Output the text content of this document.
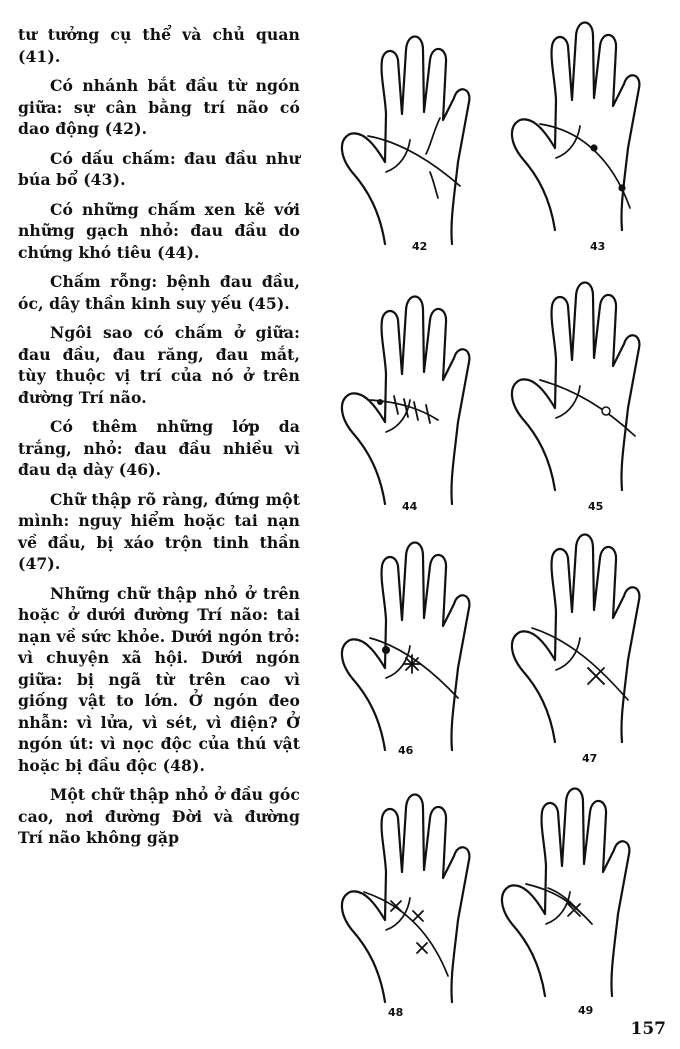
tư tưởng cụ thể và chủ quan (41).

Có nhánh bắt đầu từ ngón giữa: sự cân bằng trí não có dao động (42).

Có dấu chấm: đau đầu như búa bổ (43).

Có những chấm xen kẽ với những gạch nhỏ: đau đầu do chứng khó tiêu (44).

Chấm rỗng: bệnh đau đầu, óc, dây thần kinh suy yếu (45).

Ngôi sao có chấm ở giữa: đau đầu, đau răng, đau mắt, tùy thuộc vị trí của nó ở trên đường Trí não.

Có thêm những lớp da trắng, nhỏ: đau đầu nhiều vì đau dạ dày (46).

Chữ thập rõ ràng, đứng một mình: nguy hiểm hoặc tai nạn về đầu, bị xáo trộn tinh thần (47).

Những chữ thập nhỏ ở trên hoặc ở dưới đường Trí não: tai nạn về sức khỏe. Dưới ngón trỏ: vì chuyện xã hội. Dưới ngón giữa: bị ngã từ trên cao vì giống vật to lớn. Ở ngón đeo nhẫn: vì lửa, vì sét, vì điện? Ở ngón út: vì nọc độc của thú vật hoặc bị đầu độc (48).

Một chữ thập nhỏ ở đầu góc cao, nơi đường Đời và đường Trí não không gặp

42	43
44	45
46
47
48	49
157
